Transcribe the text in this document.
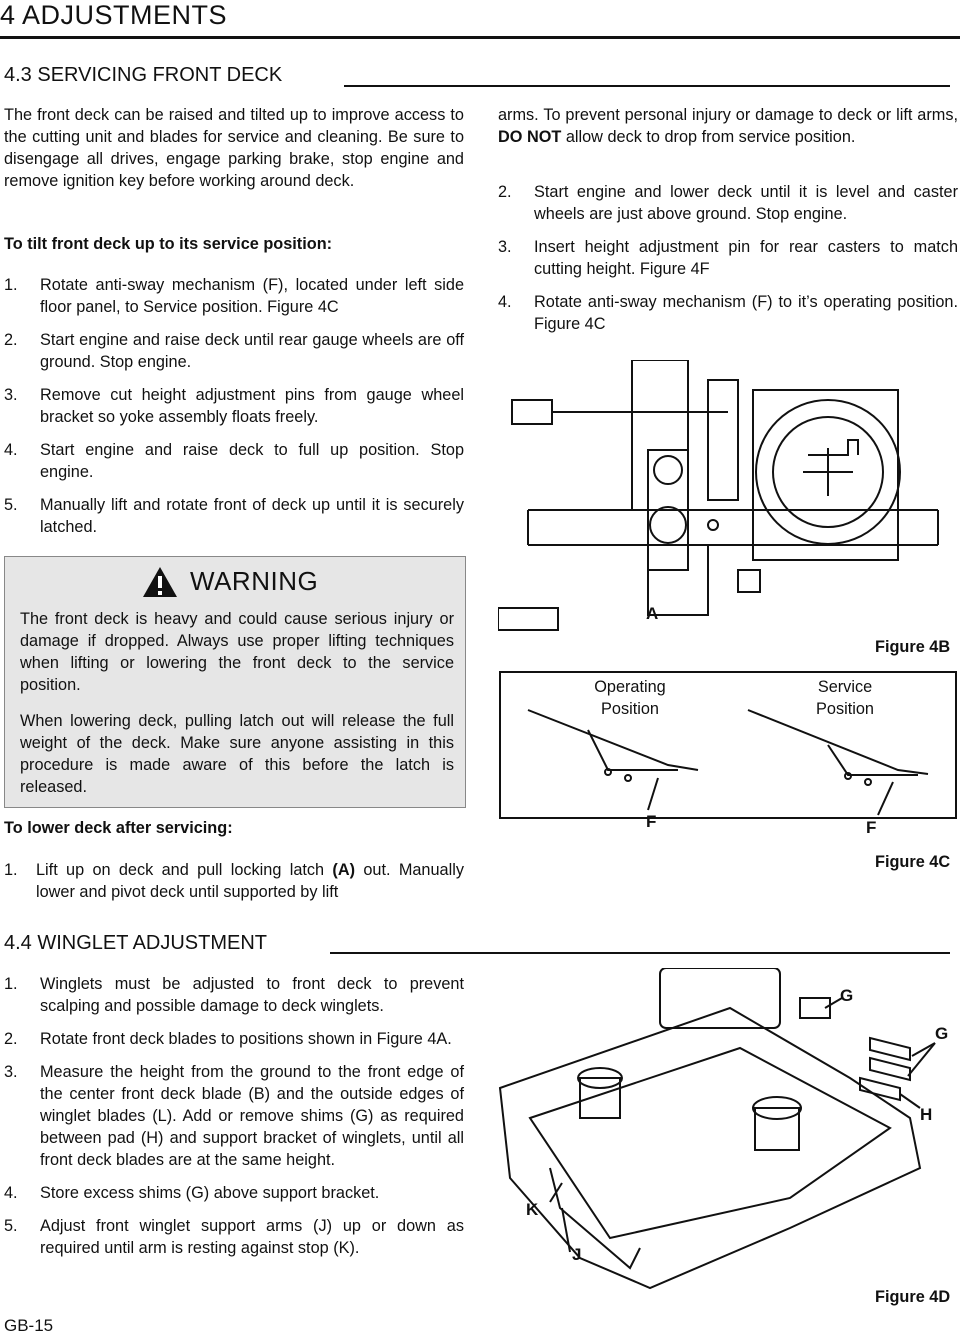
4 ADJUSTMENTS
4.3 SERVICING FRONT DECK
The front deck can be raised and tilted up to improve access to the cutting unit and blades for service and cleaning. Be sure to disengage all drives, engage parking brake, stop engine and remove ignition key before working around deck.
To tilt front deck up to its service position:
1. Rotate anti-sway mechanism (F), located under left side floor panel, to Service position. Figure 4C
2. Start engine and raise deck until rear gauge wheels are off ground. Stop engine.
3. Remove cut height adjustment pins from gauge wheel bracket so yoke assembly floats freely.
4. Start engine and raise deck to full up position. Stop engine.
5. Manually lift and rotate front of deck up until it is securely latched.
WARNING
The front deck is heavy and could cause serious injury or damage if dropped. Always use proper lifting techniques when lifting or lowering the front deck to the service position.
When lowering deck, pulling latch out will release the full weight of the deck. Make sure anyone assisting in this procedure is made aware of this before the latch is released.
To lower deck after servicing:
1.	Lift up on deck and pull locking latch (A) out. Manually lower and pivot deck until supported by lift
arms. To prevent personal injury or damage to deck or lift arms, DO NOT allow deck to drop from service position.
2. Start engine and lower deck until it is level and caster wheels are just above ground. Stop engine.
3. Insert height adjustment pin for rear casters to match cutting height. Figure 4F
4. Rotate anti-sway mechanism (F) to it’s operating position. Figure 4C
A
Figure 4B
Operating Position
Service Position
F	F
Figure 4C
4.4 WINGLET ADJUSTMENT
1. Winglets must be adjusted to front deck to prevent scalping and possible damage to deck winglets.
2. Rotate front deck blades to positions shown in Figure 4A.
3. Measure the height from the ground to the front edge of the center front deck blade (B) and the outside edges of winglet blades (L). Add or remove shims (G) as required between pad (H) and support bracket of winglets, until all front deck blades are at the same height.
4. Store excess shims (G) above support bracket.
5. Adjust front winglet support arms (J) up or down as required until arm is resting against stop (K).
G
G
H
K
J
Figure 4D
GB-15
